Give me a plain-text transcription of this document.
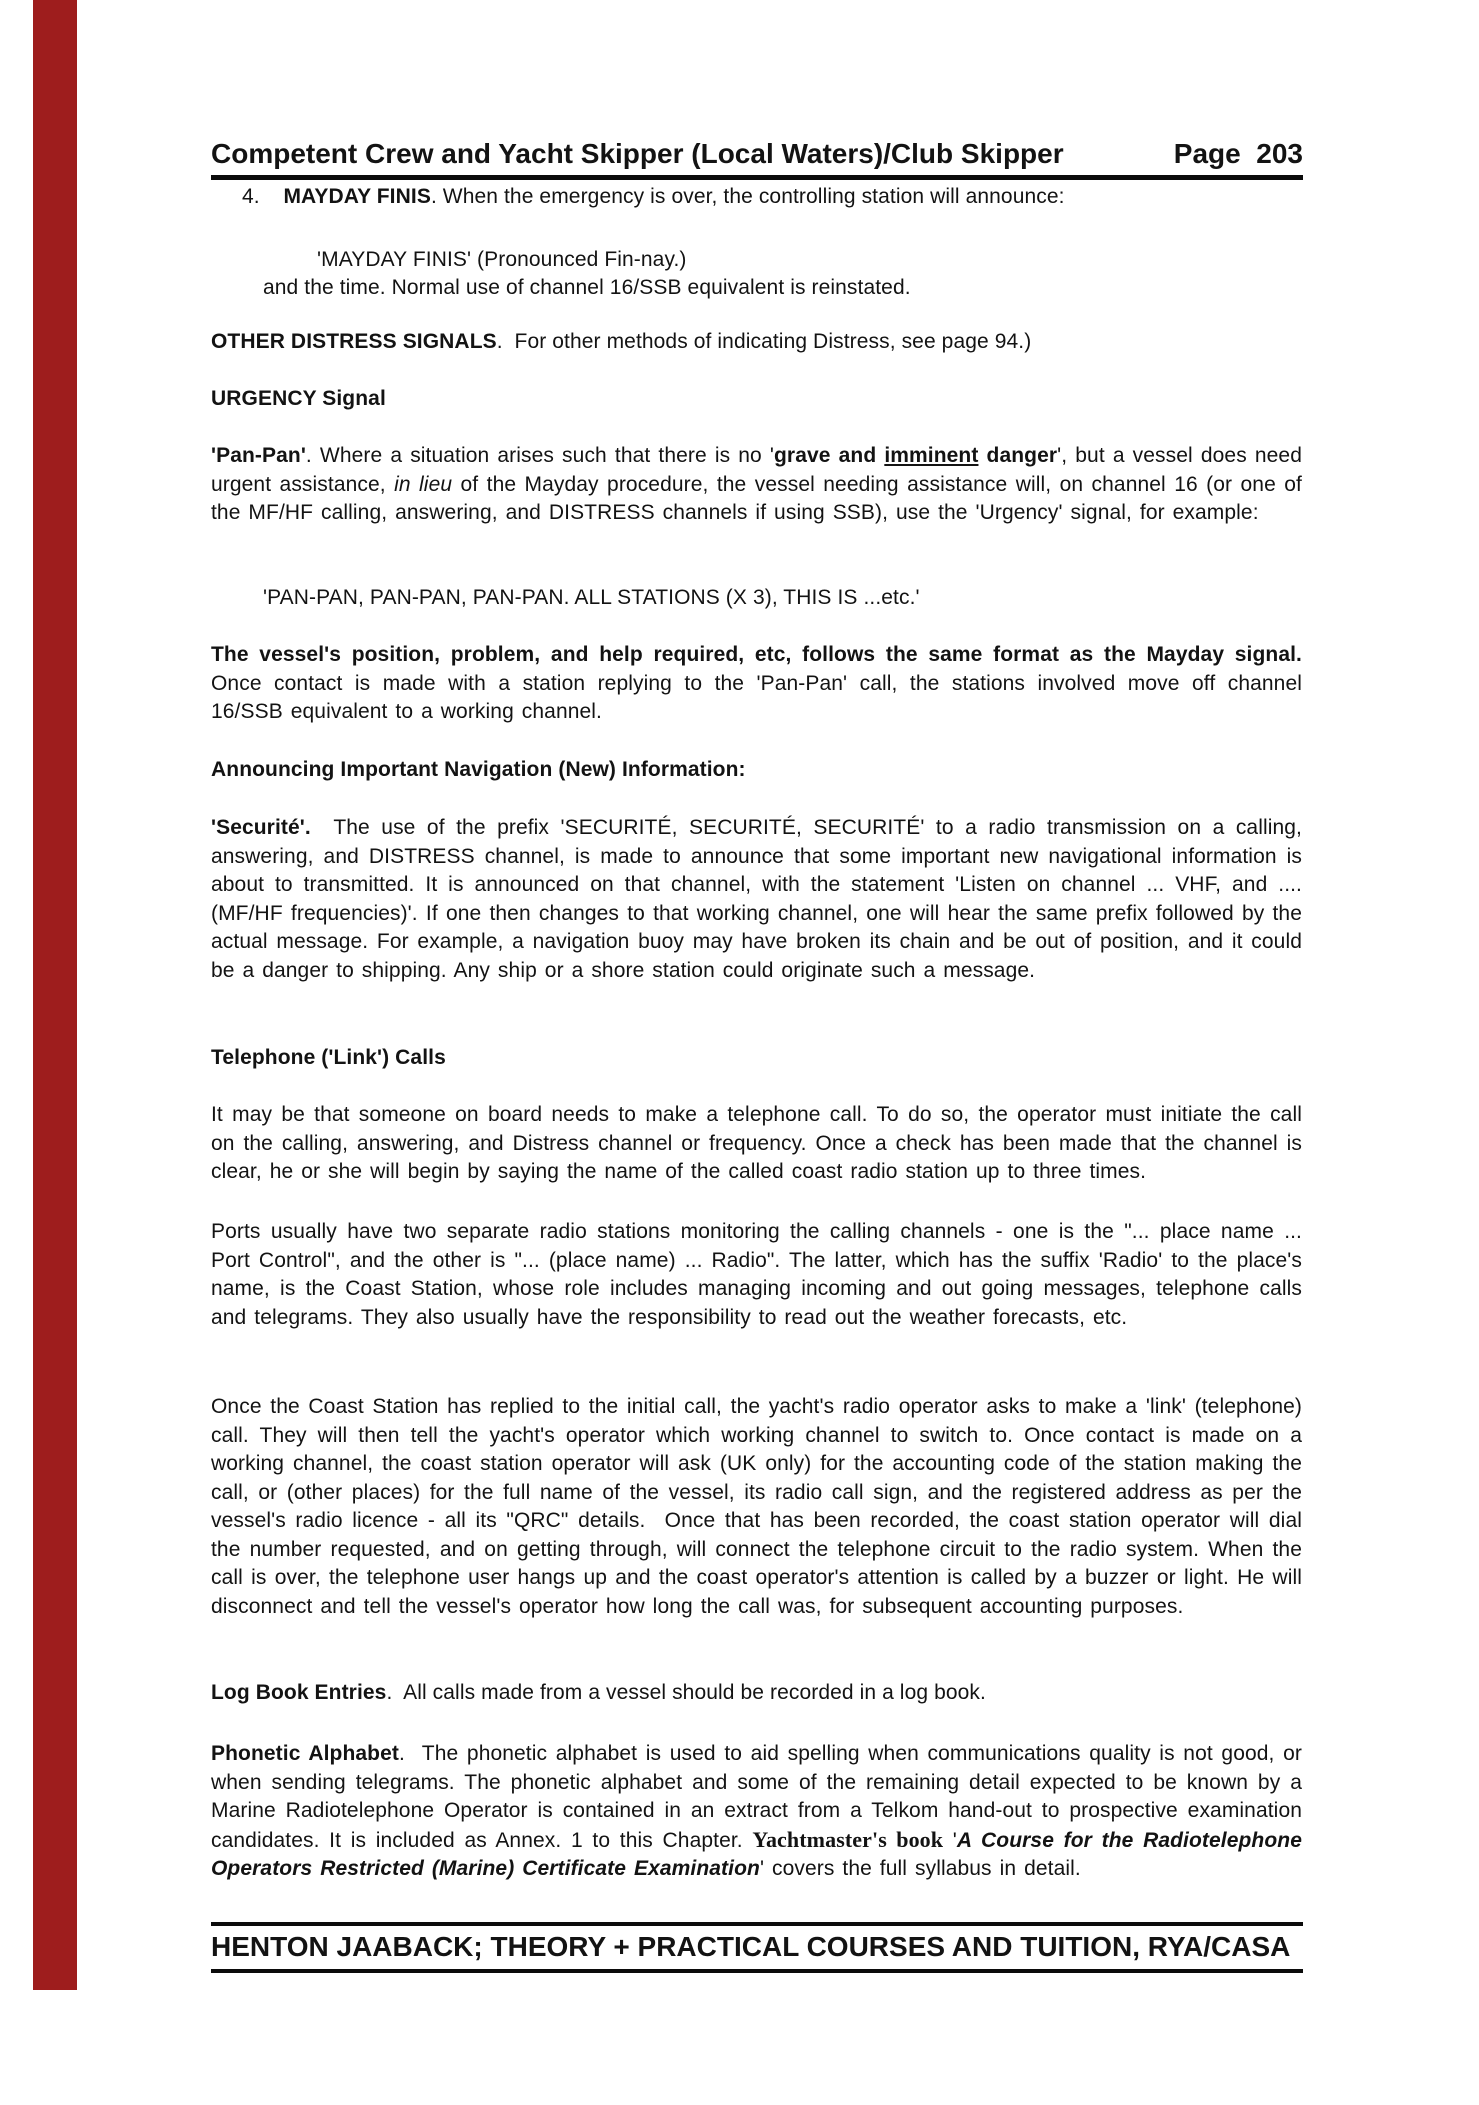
Competent Crew and Yacht Skipper (Local Waters)/Club Skipper	Page  203
4.    MAYDAY FINIS. When the emergency is over, the controlling station will announce:
'MAYDAY FINIS' (Pronounced Fin-nay.)
and the time. Normal use of channel 16/SSB equivalent is reinstated.
OTHER DISTRESS SIGNALS.  For other methods of indicating Distress, see page 94.)
URGENCY Signal
'Pan-Pan'. Where a situation arises such that there is no 'grave and imminent danger', but a vessel does need urgent assistance, in lieu of the Mayday procedure, the vessel needing assistance will, on channel 16 (or one of the MF/HF calling, answering, and DISTRESS channels if using SSB), use the 'Urgency' signal, for example:
'PAN-PAN, PAN-PAN, PAN-PAN. ALL STATIONS (X 3), THIS IS ...etc.'
The vessel's position, problem, and help required, etc, follows the same format as the Mayday signal. Once contact is made with a station replying to the 'Pan-Pan' call, the stations involved move off channel 16/SSB equivalent to a working channel.
Announcing Important Navigation (New) Information:
'Securité'.  The use of the prefix 'SECURITÉ, SECURITÉ, SECURITÉ' to a radio transmission on a calling, answering, and DISTRESS channel, is made to announce that some important new navigational information is about to transmitted. It is announced on that channel, with the statement 'Listen on channel ... VHF, and .... (MF/HF frequencies)'. If one then changes to that working channel, one will hear the same prefix followed by the actual message. For example, a navigation buoy may have broken its chain and be out of position, and it could be a danger to shipping. Any ship or a shore station could originate such a message.
Telephone ('Link') Calls
It may be that someone on board needs to make a telephone call. To do so, the operator must initiate the call on the calling, answering, and Distress channel or frequency. Once a check has been made that the channel is clear, he or she will begin by saying the name of the called coast radio station up to three times.
Ports usually have two separate radio stations monitoring the calling channels - one is the "... place name ... Port Control", and the other is "... (place name) ... Radio". The latter, which has the suffix 'Radio' to the place's name, is the Coast Station, whose role includes managing incoming and out going messages, telephone calls and telegrams. They also usually have the responsibility to read out the weather forecasts, etc.
Once the Coast Station has replied to the initial call, the yacht's radio operator asks to make a 'link' (telephone) call. They will then tell the yacht's operator which working channel to switch to. Once contact is made on a working channel, the coast station operator will ask (UK only) for the accounting code of the station making the call, or (other places) for the full name of the vessel, its radio call sign, and the registered address as per the vessel's radio licence - all its "QRC" details.  Once that has been recorded, the coast station operator will dial the number requested, and on getting through, will connect the telephone circuit to the radio system. When the call is over, the telephone user hangs up and the coast operator's attention is called by a buzzer or light. He will disconnect and tell the vessel's operator how long the call was, for subsequent accounting purposes.
Log Book Entries.  All calls made from a vessel should be recorded in a log book.
Phonetic Alphabet.  The phonetic alphabet is used to aid spelling when communications quality is not good, or when sending telegrams. The phonetic alphabet and some of the remaining detail expected to be known by a Marine Radiotelephone Operator is contained in an extract from a Telkom hand-out to prospective examination candidates. It is included as Annex. 1 to this Chapter. Yachtmaster's book 'A Course for the Radiotelephone Operators Restricted (Marine) Certificate Examination' covers the full syllabus in detail.
HENTON JAABACK; THEORY + PRACTICAL COURSES AND TUITION, RYA/CASA
